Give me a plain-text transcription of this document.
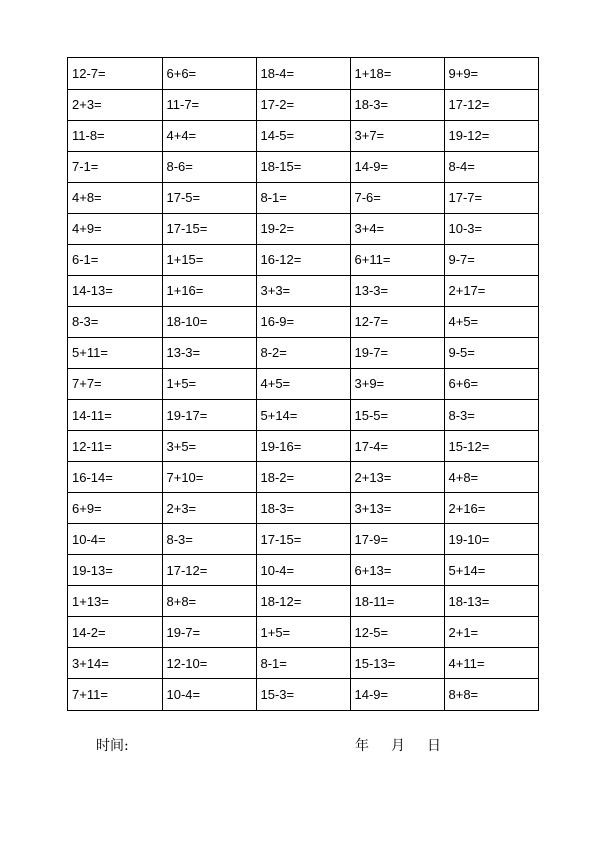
12-7=	6+6=	18-4=	1+18=	9+9=
2+3=	11-7=	17-2=	18-3=	17-12=
11-8=	4+4=	14-5=	3+7=	19-12=
7-1=	8-6=	18-15=	14-9=	8-4=
4+8=	17-5=	8-1=	7-6=	17-7=
4+9=	17-15=	19-2=	3+4=	10-3=
6-1=	1+15=	16-12=	6+11=	9-7=
14-13=	1+16=	3+3=	13-3=	2+17=
8-3=	18-10=	16-9=	12-7=	4+5=
5+11=	13-3=	8-2=	19-7=	9-5=
7+7=	1+5=	4+5=	3+9=	6+6=
14-11=	19-17=	5+14=	15-5=	8-3=
12-11=	3+5=	19-16=	17-4=	15-12=
16-14=	7+10=	18-2=	2+13=	4+8=
6+9=	2+3=	18-3=	3+13=	2+16=
10-4=	8-3=	17-15=	17-9=	19-10=
19-13=	17-12=	10-4=	6+13=	5+14=
1+13=	8+8=	18-12=	18-11=	18-13=
14-2=	19-7=	1+5=	12-5=	2+1=
3+14=	12-10=	8-1=	15-13=	4+11=
7+11=	10-4=	15-3=	14-9=	8+8=
时间:	年 月 日
